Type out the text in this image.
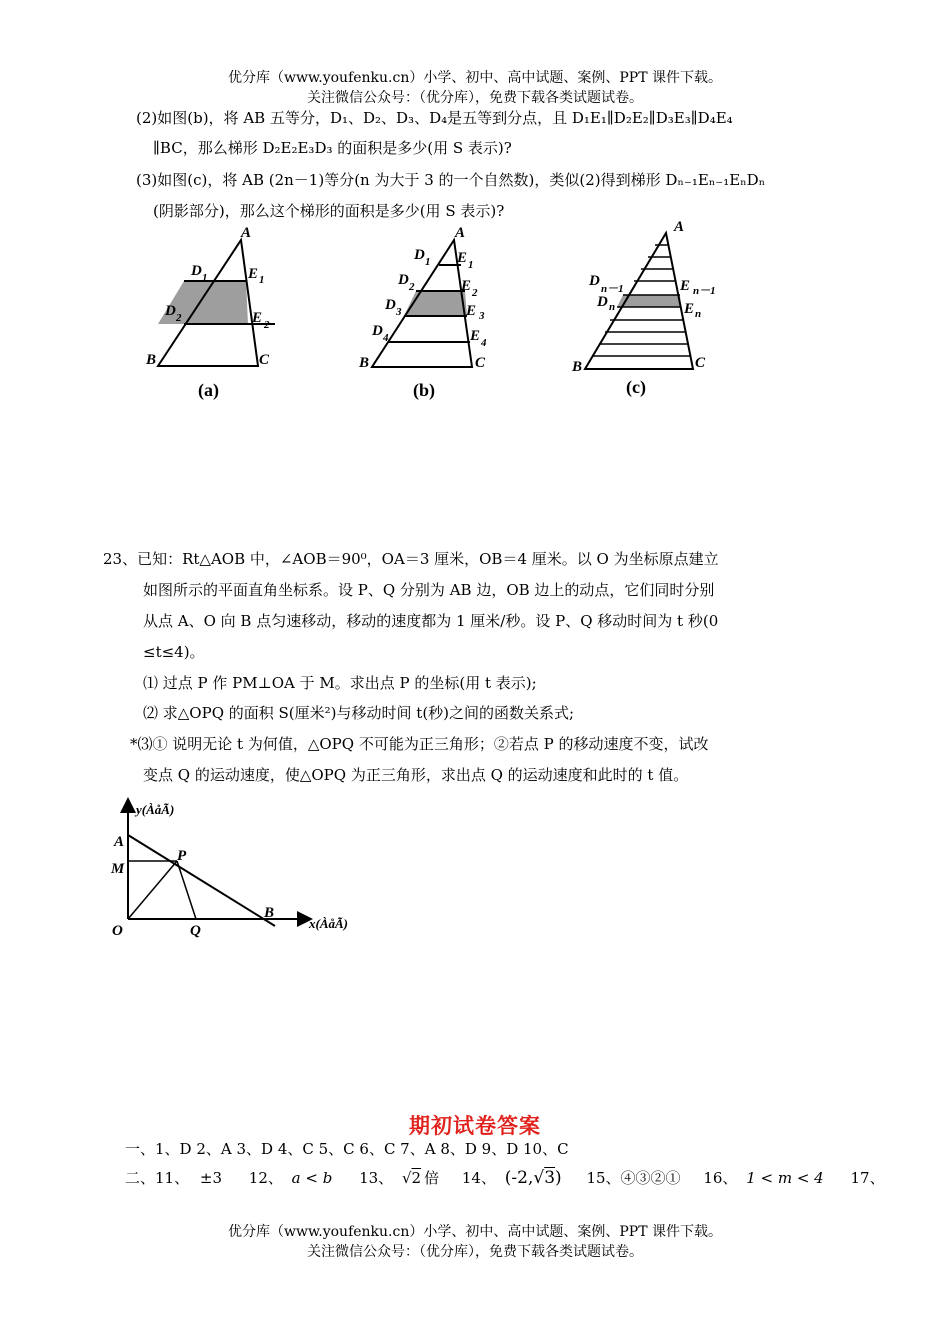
优分库（www.youfenku.cn）小学、初中、高中试题、案例、PPT 课件下载。
关注微信公众号：（优分库），免费下载各类试题试卷。
(2)如图(b)，将 AB 五等分，D₁、D₂、D₃、D₄是五等到分点，且 D₁E₁∥D₂E₂∥D₃E₃∥D₄E₄
∥BC，那么梯形 D₂E₂E₃D₃ 的面积是多少(用 S 表示)?
(3)如图(c)，将 AB (2n－1)等分(n 为大于 3 的一个自然数)，类似(2)得到梯形 Dₙ₋₁Eₙ₋₁EₙDₙ
(阴影部分)，那么这个梯形的面积是多少(用 S 表示)?
A
D 1	E 1
D 2	E 2
B	C
(a)
A
D 1 E 1
D 2	E 2
D 3	E 3
D 4	E 4
B	C
(b)
A
D n－1	E n－1
D n	E n
B	C
(c)
23、已知：Rt△AOB 中，∠AOB＝90⁰，OA＝3 厘米，OB＝4 厘米。以 O 为坐标原点建立
如图所示的平面直角坐标系。设 P、Q 分别为 AB 边，OB 边上的动点，它们同时分别
从点 A、O 向 B 点匀速移动，移动的速度都为 1 厘米/秒。设 P、Q 移动时间为 t 秒(0
≤t≤4)。
⑴ 过点 P 作 PM⊥OA 于 M。求出点 P 的坐标(用 t 表示);
⑵ 求△OPQ 的面积 S(厘米²)与移动时间 t(秒)之间的函数关系式;
*⑶① 说明无论 t 为何值，△OPQ 不可能为正三角形；②若点 P 的移动速度不变，试改
变点 Q 的运动速度，使△OPQ 为正三角形，求出点 Q 的运动速度和此时的 t 值。
y(ÀåÃ)
x(ÀåÃ)
A
M
P
B
O	Q
期初试卷答案
一、1、D 2、A 3、D 4、C 5、C 6、C 7、A 8、D 9、D 10、C
二、11、 ±3 12、 a < b 13、 √2 倍 14、 (-2,√3) 15、④③②① 16、 1 < m < 4 17、
优分库（www.youfenku.cn）小学、初中、高中试题、案例、PPT 课件下载。
关注微信公众号：（优分库），免费下载各类试题试卷。
